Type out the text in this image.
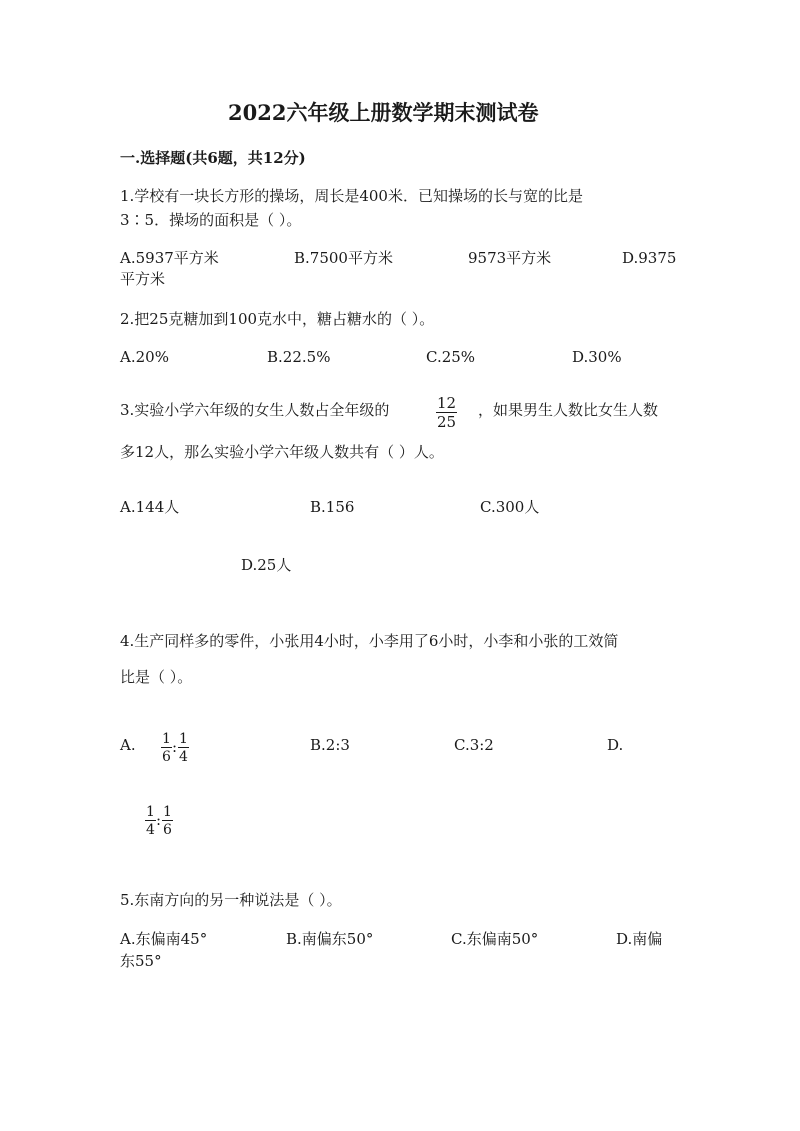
2022六年级上册数学期末测试卷
一.选择题(共6题，共12分)
1.学校有一块长方形的操场，周长是400米．已知操场的长与宽的比是
3∶5．操场的面积是（ ）。
A.5937平方米	B.7500平方米	9573平方米	D.9375
平方米
2.把25克糖加到100克水中，糖占糖水的（ ）。
A.20%	B.22.5%	C.25%	D.30%
3.实验小学六年级的女生人数占全年级的	$\frac{12}{25}$ ，如果男生人数比女生人数
多12人，那么实验小学六年级人数共有（ ）人。
A.144人	B.156	C.300人
D.25人
4.生产同样多的零件，小张用4小时，小李用了6小时，小李和小张的工效简
比是（ ）。
A. $\frac{1}{6}$ : $\frac{1}{4}$	B.2:3	C.3:2	D.
$\frac{1}{4}$ : $\frac{1}{6}$
5.东南方向的另一种说法是（ ）。
A.东偏南45°	B.南偏东50°	C.东偏南50°	D.南偏
东55°
